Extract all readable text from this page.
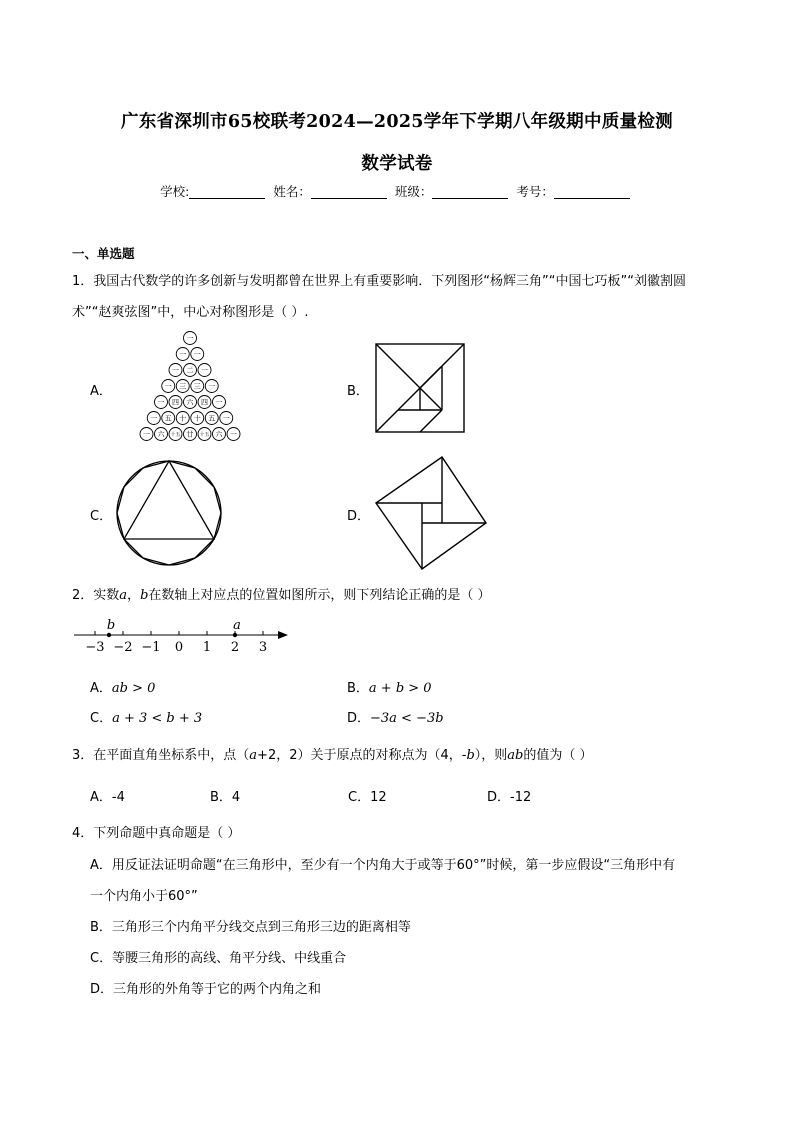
广东省深圳市65校联考2024—2025学年下学期八年级期中质量检测
数学试卷
学校:	姓名：	班级：	考号：
一、单选题
1．我国古代数学的许多创新与发明都曾在世界上有重要影响．下列图形“杨辉三角”“中国七巧板”“刘徽割圆
术”“赵爽弦图”中，中心对称图形是（ ）.
A．
一
一 一
一 二 一
一 三 三 一
一 四 六 四 一
一 五 十 十 五 一
一 六 十五 廿 十五 六 一
B．
C．	D．
2．实数a，b在数轴上对应点的位置如图所示，则下列结论正确的是（ ）
−3 −2 −1 0 1 2 3
b	a
A．ab > 0	B．a + b > 0
C．a + 3 < b + 3	D．−3a < −3b
3．在平面直角坐标系中，点（a+2，2）关于原点的对称点为（4，-b），则ab的值为（ ）
A．-4	B．4	C．12	D．-12
4．下列命题中真命题是（ ）
A．用反证法证明命题“在三角形中，至少有一个内角大于或等于60°”时候，第一步应假设“三角形中有
一个内角小于60°”
B．三角形三个内角平分线交点到三角形三边的距离相等
C．等腰三角形的高线、角平分线、中线重合
D．三角形的外角等于它的两个内角之和
